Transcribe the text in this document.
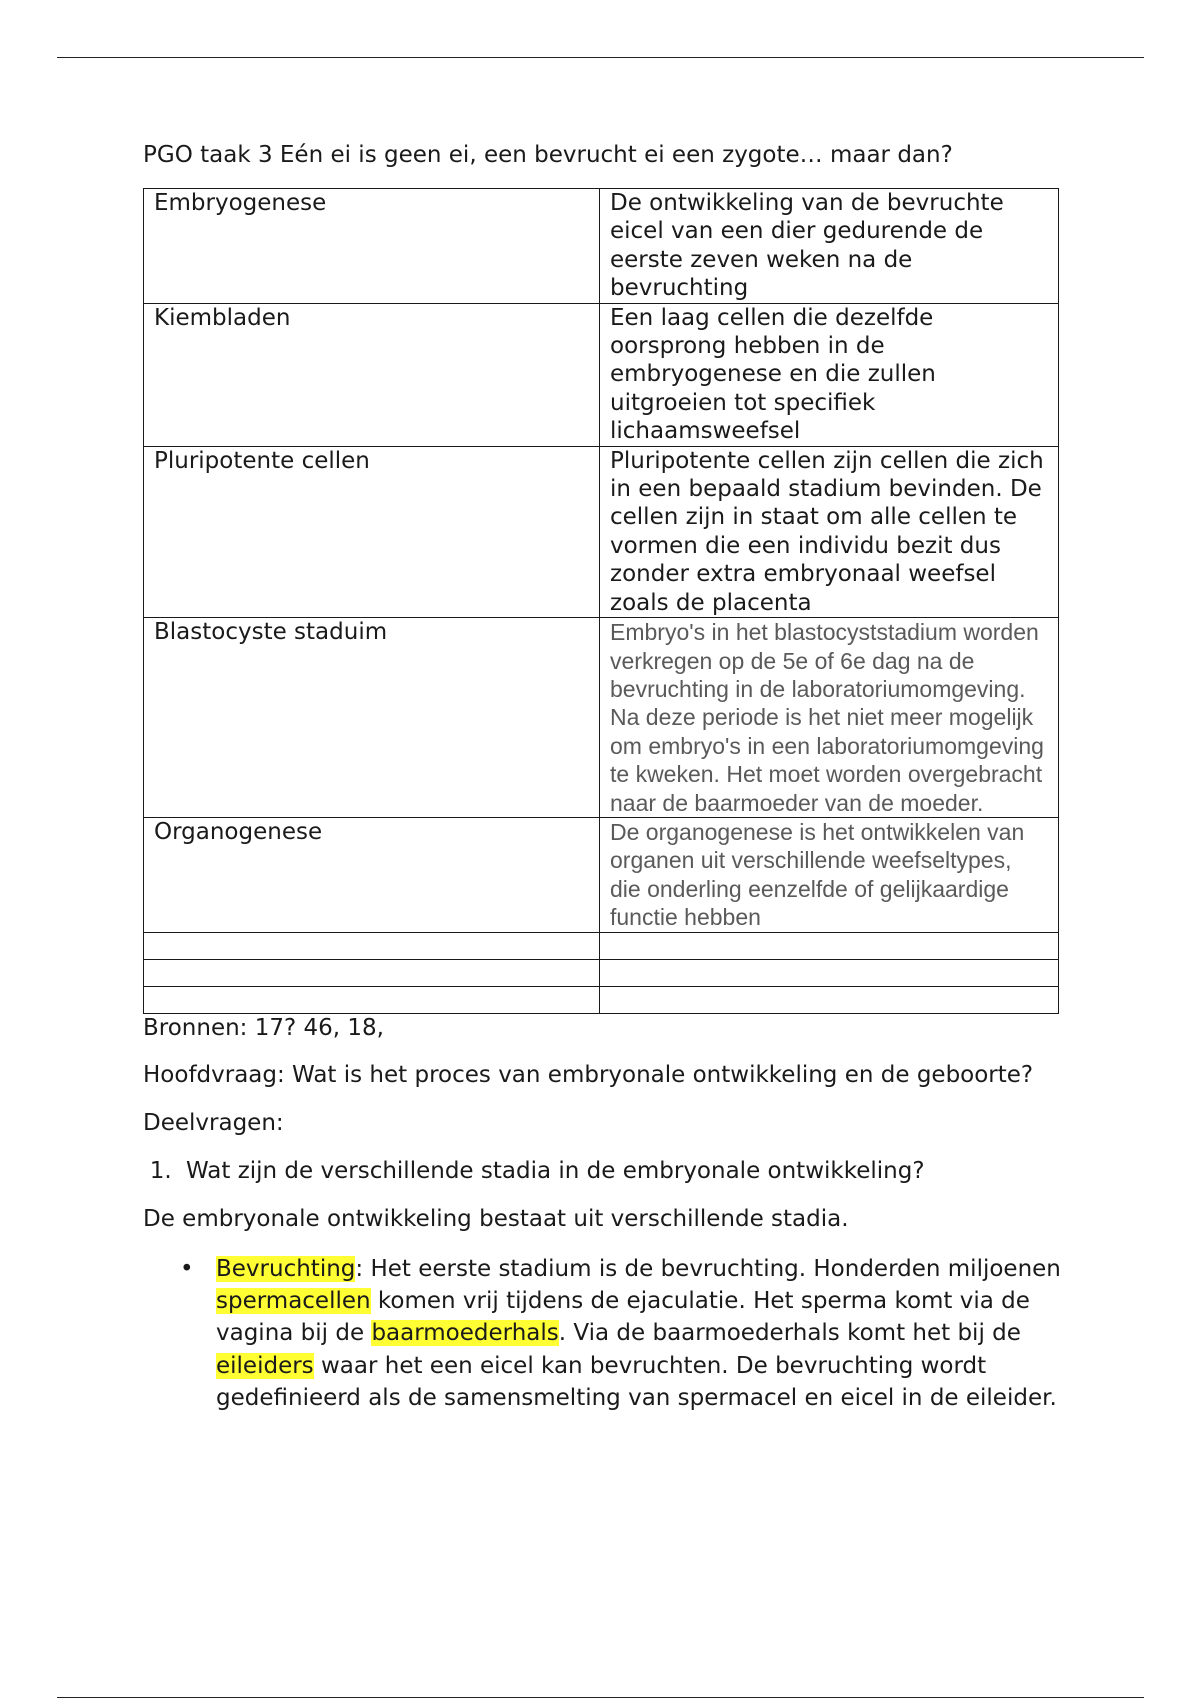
PGO taak 3 Eén ei is geen ei, een bevrucht ei een zygote… maar dan?

Embryogenese	De ontwikkeling van de bevruchte eicel van een dier gedurende de eerste zeven weken na de bevruchting
Kiembladen	Een laag cellen die dezelfde oorsprong hebben in de embryogenese en die zullen uitgroeien tot specifiek lichaamsweefsel
Pluripotente cellen	Pluripotente cellen zijn cellen die zich in een bepaald stadium bevinden. De cellen zijn in staat om alle cellen te vormen die een individu bezit dus zonder extra embryonaal weefsel zoals de placenta
Blastocyste staduim	Embryo's in het blastocyststadium worden verkregen op de 5e of 6e dag na de bevruchting in de laboratoriumomgeving. Na deze periode is het niet meer mogelijk om embryo's in een laboratoriumomgeving te kweken. Het moet worden overgebracht naar de baarmoeder van de moeder.
Organogenese	De organogenese is het ontwikkelen van organen uit verschillende weefseltypes, die onderling eenzelfde of gelijkaardige functie hebben

Bronnen: 17? 46, 18,

Hoofdvraag: Wat is het proces van embryonale ontwikkeling en de geboorte?

Deelvragen:

1. Wat zijn de verschillende stadia in de embryonale ontwikkeling?

De embryonale ontwikkeling bestaat uit verschillende stadia.

• Bevruchting: Het eerste stadium is de bevruchting. Honderden miljoenen spermacellen komen vrij tijdens de ejaculatie. Het sperma komt via de vagina bij de baarmoederhals. Via de baarmoederhals komt het bij de eileiders waar het een eicel kan bevruchten. De bevruchting wordt gedefinieerd als de samensmelting van spermacel en eicel in de eileider.
